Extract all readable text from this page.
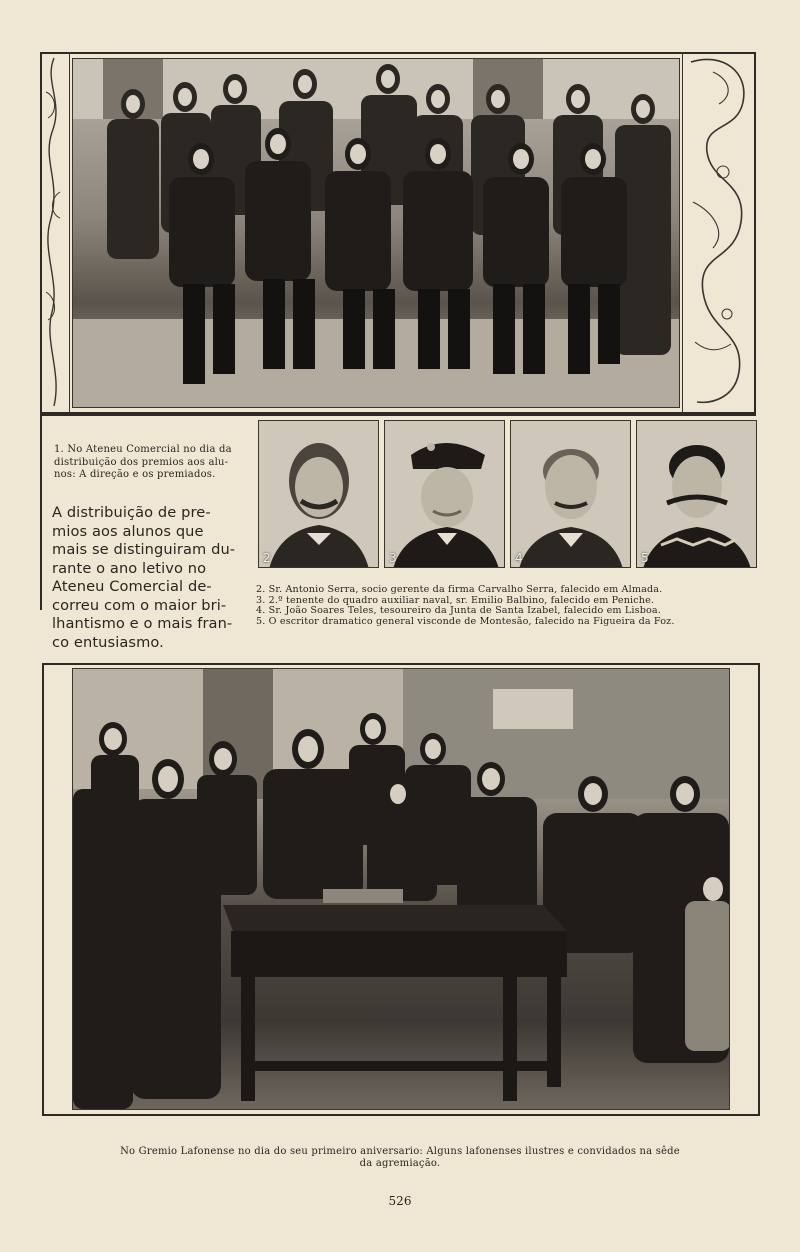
1. No Ateneu Comercial no dia da
distribuição dos premios aos alu-
nos: A direção e os premiados.
A distribuição de pre-
mios aos alunos que
mais se distinguiram du-
rante o ano letivo no
Ateneu Comercial de-
correu com o maior bri-
lhantismo e o mais fran-
co entusiasmo.
2	3	4	5
2. Sr. Antonio Serra, socio gerente da firma Carvalho Serra, falecido em Almada.
3. 2.º tenente do quadro auxiliar naval, sr. Emilio Balbino, falecido em Peniche.
4. Sr. João Soares Teles, tesoureiro da Junta de Santa Izabel, falecido em Lisboa.
5. O escritor dramatico general visconde de Montesão, falecido na Figueira da Foz.
No Gremio Lafonense no dia do seu primeiro aniversario: Alguns lafonenses ilustres e convidados na sêde
da agremiação.
526
